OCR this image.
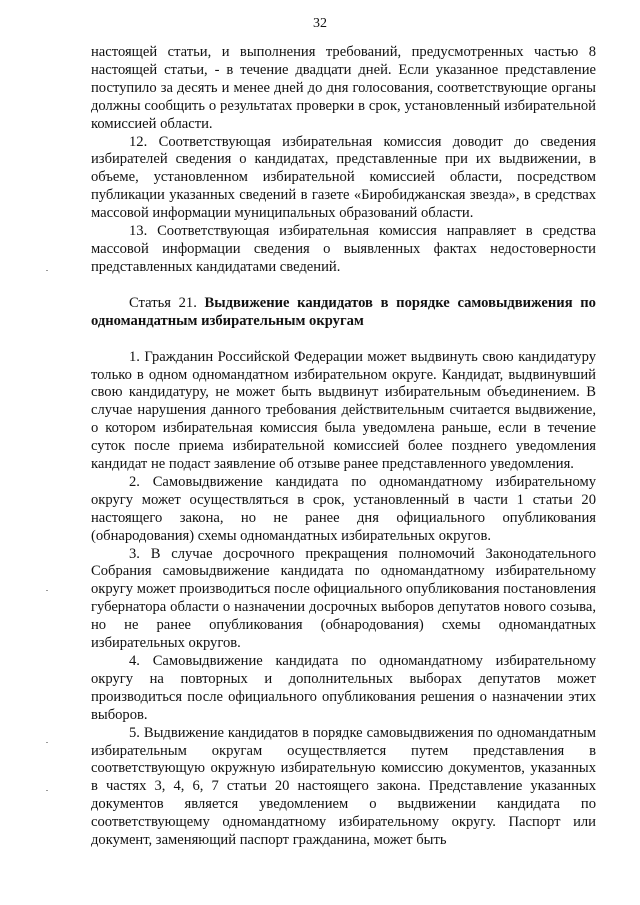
32

настоящей статьи, и выполнения требований, предусмотренных частью 8 настоящей статьи, - в течение двадцати дней. Если указанное представление поступило за десять и менее дней до дня голосования, соответствующие органы должны сообщить о результатах проверки в срок, установленный избирательной комиссией области.

12. Соответствующая избирательная комиссия доводит до сведения избирателей сведения о кандидатах, представленные при их выдвижении, в объеме, установленном избирательной комиссией области, посредством публикации указанных сведений в газете «Биробиджанская звезда», в средствах массовой информации муниципальных образований области.

13. Соответствующая избирательная комиссия направляет в средства массовой информации сведения о выявленных фактах недостоверности представленных кандидатами сведений.

Статья 21. Выдвижение кандидатов в порядке самовыдвижения по одномандатным избирательным округам

1. Гражданин Российской Федерации может выдвинуть свою кандидатуру только в одном одномандатном избирательном округе. Кандидат, выдвинувший свою кандидатуру, не может быть выдвинут избирательным объединением. В случае нарушения данного требования действительным считается выдвижение, о котором избирательная комиссия была уведомлена раньше, если в течение суток после приема избирательной комиссией более позднего уведомления кандидат не подаст заявление об отзыве ранее представленного уведомления.

2. Самовыдвижение кандидата по одномандатному избирательному округу может осуществляться в срок, установленный в части 1 статьи 20 настоящего закона, но не ранее дня официального опубликования (обнародования) схемы одномандатных избирательных округов.

3. В случае досрочного прекращения полномочий Законодательного Собрания самовыдвижение кандидата по одномандатному избирательному округу может производиться после официального опубликования постановления губернатора области о назначении досрочных выборов депутатов нового созыва, но не ранее опубликования (обнародования) схемы одномандатных избирательных округов.

4. Самовыдвижение кандидата по одномандатному избирательному округу на повторных и дополнительных выборах депутатов может производиться после официального опубликования решения о назначении этих выборов.

5. Выдвижение кандидатов в порядке самовыдвижения по одномандатным избирательным округам осуществляется путем представления в соответствующую окружную избирательную комиссию документов, указанных в частях 3, 4, 6, 7 статьи 20 настоящего закона. Представление указанных документов является уведомлением о выдвижении кандидата по соответствующему одномандатному избирательному округу. Паспорт или документ, заменяющий паспорт гражданина, может быть
